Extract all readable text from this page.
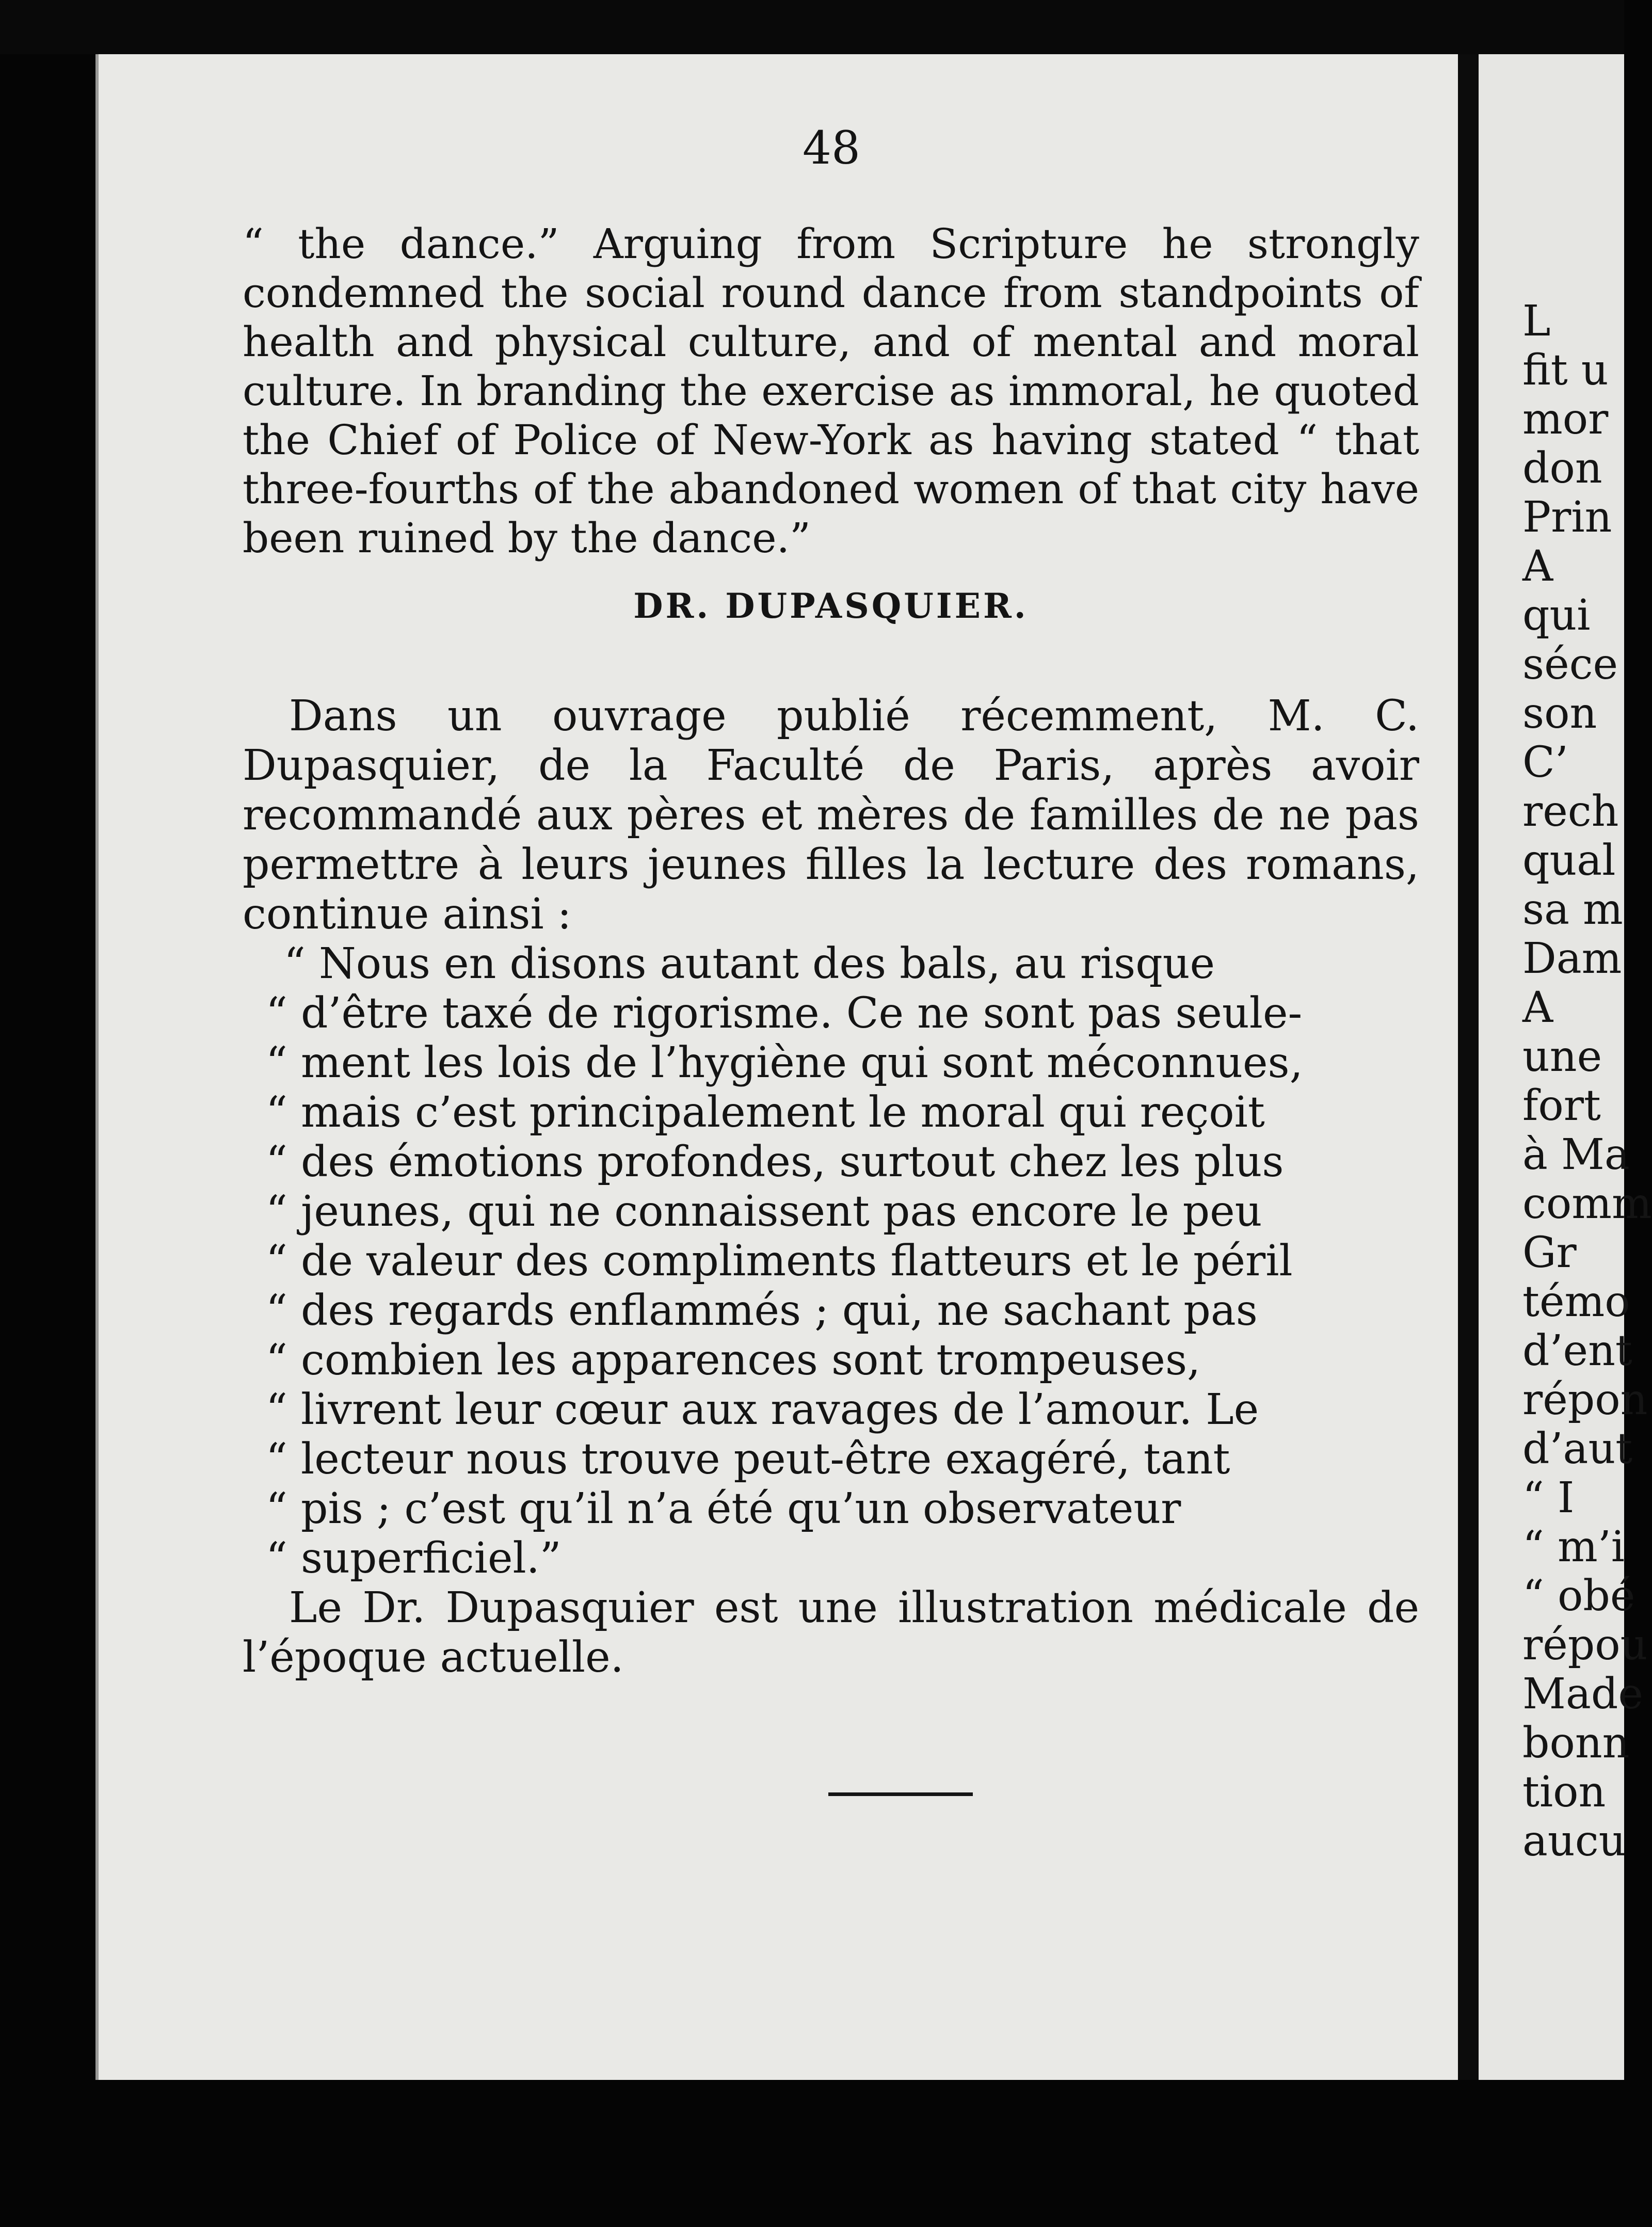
L
fit u
mor
don
Prin
A
qui
séce
son
C’
rech
qual
sa m
Dam
A
une
fort
à Ma
comm
Gr
témo
d’ent
répon
d’aut
“ I
“ m’i
“ obé
répou
Made
bonn
tion
aucu
48
“ the dance.” Arguing from Scripture he strongly condemned the social round dance from standpoints of health and physical culture, and of mental and moral culture. In branding the exercise as immoral, he quoted the Chief of Police of New-York as having stated “ that three-fourths of the abandoned women of that city have been ruined by the dance.”
DR. DUPASQUIER.

Dans un ouvrage publié récemment, M. C. Dupasquier, de la Faculté de Paris, après avoir recommandé aux pères et mères de familles de ne pas permettre à leurs jeunes filles la lecture des romans, continue ainsi :

“ Nous en disons autant des bals, au risque
“ d’être taxé de rigorisme. Ce ne sont pas seule-
“ ment les lois de l’hygiène qui sont méconnues,
“ mais c’est principalement le moral qui reçoit
“ des émotions profondes, surtout chez les plus
“ jeunes, qui ne connaissent pas encore le peu
“ de valeur des compliments flatteurs et le péril
“ des regards enflammés ; qui, ne sachant pas
“ combien les apparences sont trompeuses,
“ livrent leur cœur aux ravages de l’amour. Le
“ lecteur nous trouve peut-être exagéré, tant
“ pis ; c’est qu’il n’a été qu’un observateur
“ superficiel.”

Le Dr. Dupasquier est une illustration médicale de l’époque actuelle.
